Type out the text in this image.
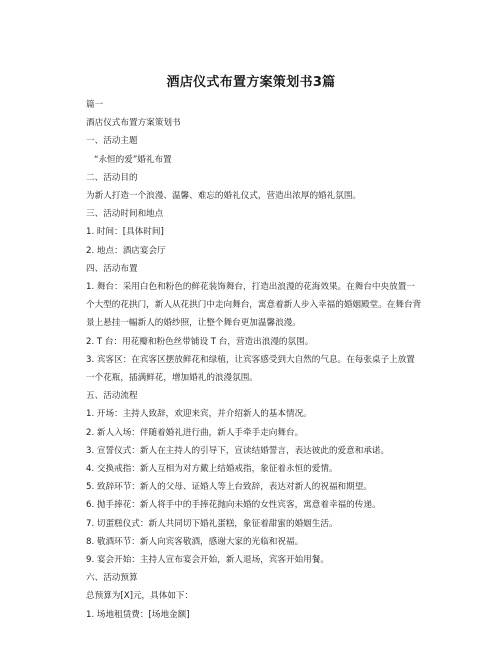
酒店仪式布置方案策划书3篇

篇一

酒店仪式布置方案策划书

一、活动主题

“永恒的爱”婚礼布置

二、活动目的

为新人打造一个浪漫、温馨、难忘的婚礼仪式，营造出浓厚的婚礼氛围。

三、活动时间和地点

1. 时间：[具体时间]

2. 地点：酒店宴会厅

四、活动布置

1. 舞台：采用白色和粉色的鲜花装饰舞台，打造出浪漫的花海效果。在舞台中央放置一个大型的花拱门，新人从花拱门中走向舞台，寓意着新人步入幸福的婚姻殿堂。在舞台背景上悬挂一幅新人的婚纱照，让整个舞台更加温馨浪漫。

2. T 台：用花瓣和粉色丝带铺设 T 台，营造出浪漫的氛围。

3. 宾客区：在宾客区摆放鲜花和绿植，让宾客感受到大自然的气息。在每张桌子上放置一个花瓶，插满鲜花，增加婚礼的浪漫氛围。

五、活动流程

1. 开场：主持人致辞，欢迎来宾，并介绍新人的基本情况。

2. 新人入场：伴随着婚礼进行曲，新人手牵手走向舞台。

3. 宣誓仪式：新人在主持人的引导下，宣读结婚誓言，表达彼此的爱意和承诺。

4. 交换戒指：新人互相为对方戴上结婚戒指，象征着永恒的爱情。

5. 致辞环节：新人的父母、证婚人等上台致辞，表达对新人的祝福和期望。

6. 抛手捧花：新人将手中的手捧花抛向未婚的女性宾客，寓意着幸福的传递。

7. 切蛋糕仪式：新人共同切下婚礼蛋糕，象征着甜蜜的婚姻生活。

8. 敬酒环节：新人向宾客敬酒，感谢大家的光临和祝福。

9. 宴会开始：主持人宣布宴会开始，新人退场，宾客开始用餐。

六、活动预算

总预算为[X]元，具体如下：

1. 场地租赁费：[场地金额]
